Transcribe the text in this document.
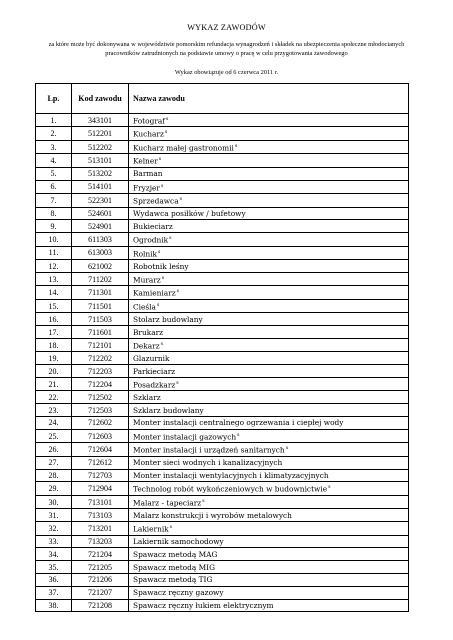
WYKAZ ZAWODÓW
za które może być dokonywana w województwie pomorskim refundacja wynagrodzeń i składek na ubezpieczenia społeczne młodocianych pracowników zatrudnionych na podstawie umowy o pracę w celu przygotowania zawodowego
Wykaz obowiązuje od 6 czerwca 2011 r.
Lp.	Kod zawodu	Nazwa zawodu
1.	343101	Fotograf$^s$
2.	512201	Kucharz$^s$
3.	512202	Kucharz małej gastronomii$^s$
4.	513101	Kelner$^s$
5.	513202	Barman
6.	514101	Fryzjer$^s$
7.	522301	Sprzedawca$^s$
8.	524601	Wydawca posiłków / bufetowy
9.	524901	Bukieciarz
10.	611303	Ogrodnik$^s$
11.	613003	Rolnik$^s$
12.	621002	Robotnik leśny
13.	711202	Murarz$^s$
14.	711301	Kamieniarz$^s$
15.	711501	Cieśla$^s$
16.	711503	Stolarz budowlany
17.	711601	Brukarz
18.	712101	Dekarz$^s$
19.	712202	Glazurnik
20.	712203	Parkieciarz
21.	712204	Posadzkarz$^s$
22.	712502	Szklarz
23.	712503	Szklarz budowlany
24.	712602	Monter instalacji centralnego ogrzewania i ciepłej wody
25.	712603	Monter instalacji gazowych$^s$
26.	712604	Monter instalacji i urządzeń sanitarnych$^s$
27.	712612	Monter sieci wodnych i kanalizacyjnych
28.	712703	Monter instalacji wentylacyjnych i klimatyzacyjnych
29.	712904	Technolog robót wykończeniowych w budownictwie$^s$
30.	713101	Malarz - tapeciarz$^s$
31.	713103	Malarz konstrukcji i wyrobów metalowych
32.	713201	Lakiernik$^s$
33.	713203	Lakiernik samochodowy
34.	721204	Spawacz metodą MAG
35.	721205	Spawacz metodą MIG
36.	721206	Spawacz metodą TIG
37.	721207	Spawacz ręczny gazowy
38.	721208	Spawacz ręczny łukiem elektrycznym
